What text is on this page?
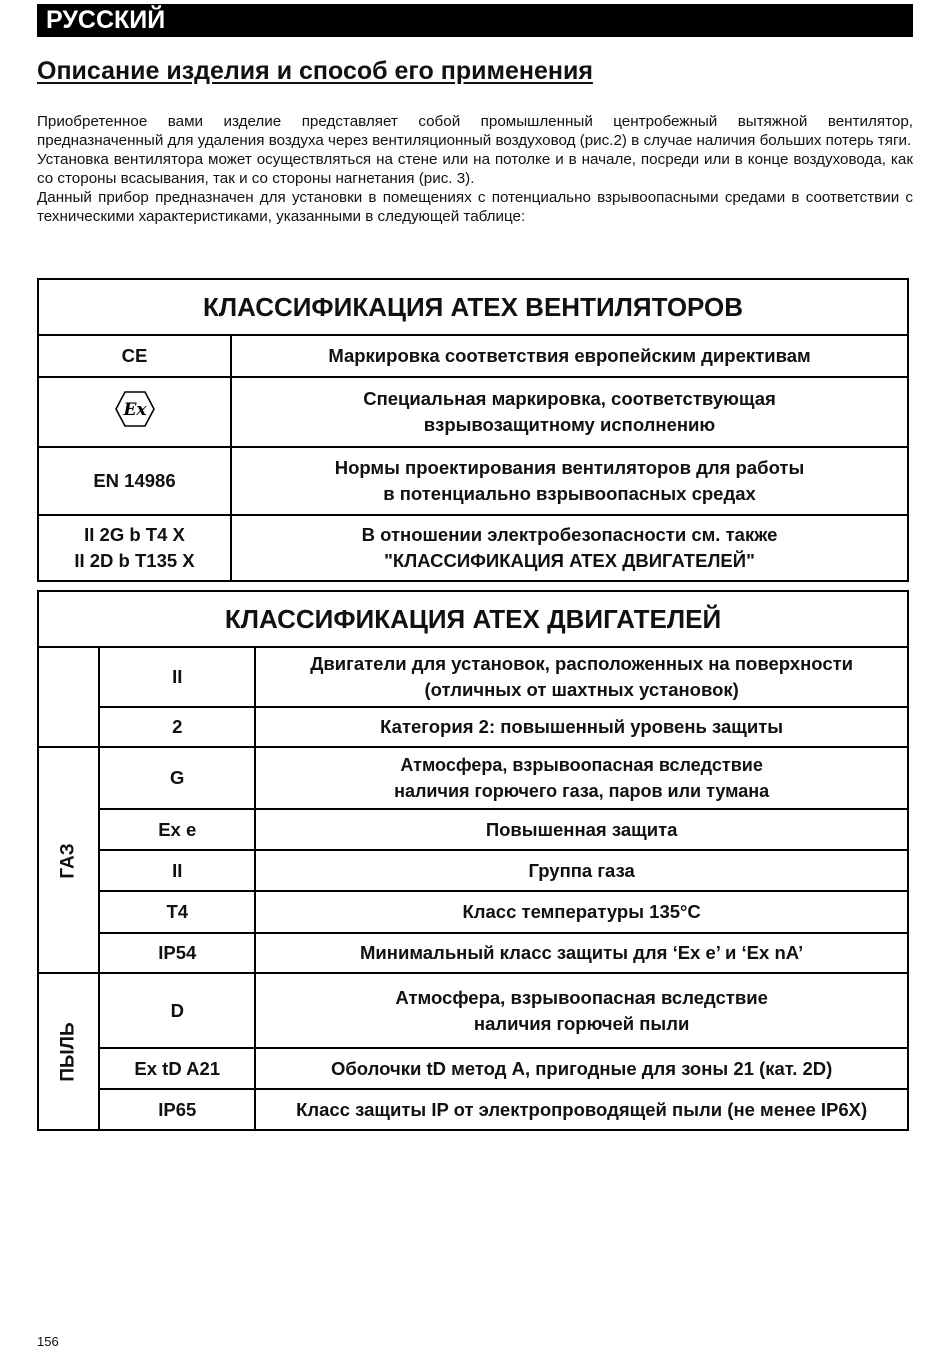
РУССКИЙ
Описание изделия и способ его применения

Приобретенное вами изделие представляет собой промышленный центробежный вытяжной вентилятор, предназначенный для удаления воздуха через вентиляционный воздуховод (рис.2) в случае наличия больших потерь тяги.

Установка вентилятора может осуществляться на стене или на потолке и в начале, посреди или в конце воздуховода, как со стороны всасывания, так и со стороны нагнетания (рис. 3).

Данный прибор предназначен для установки в помещениях с потенциально взрывоопасными средами в соответствии с техническими характеристиками, указанными в следующей таблице:

КЛАССИФИКАЦИЯ ATEX ВЕНТИЛЯТОРОВ	
CE	Маркировка соответствия европейским директивам

Ex	Специальная маркировка, соответствующая
взрывозащитному исполнению
EN 14986	Нормы проектирования вентиляторов для работы
в потенциально взрывоопасных средах
II 2G b T4 X
II 2D b T135 X	В отношении электробезопасности см. также
"КЛАССИФИКАЦИЯ ATEX ДВИГАТЕЛЕЙ"
КЛАССИФИКАЦИЯ ATEX ДВИГАТЕЛЕЙ		
	II	Двигатели для установок, расположенных на поверхности
(отличных от шахтных установок)
	2	Категория 2: повышенный уровень защиты
ГАЗ	G	Атмосфера, взрывоопасная вследствие
наличия горючего газа, паров или тумана
	Ex e	Повышенная защита
	II	Группа газа
	T4	Класс температуры 135°C
	IP54	Минимальный класс защиты для ‘Ex e’ и ‘Ex nA’
ПЫЛЬ	D	Атмосфера, взрывоопасная вследствие
наличия горючей пыли
	Ex tD A21	Оболочки tD метод A, пригодные для зоны 21 (кат. 2D)
	IP65	Класс защиты IP от электропроводящей пыли (не менее IP6X)
156
